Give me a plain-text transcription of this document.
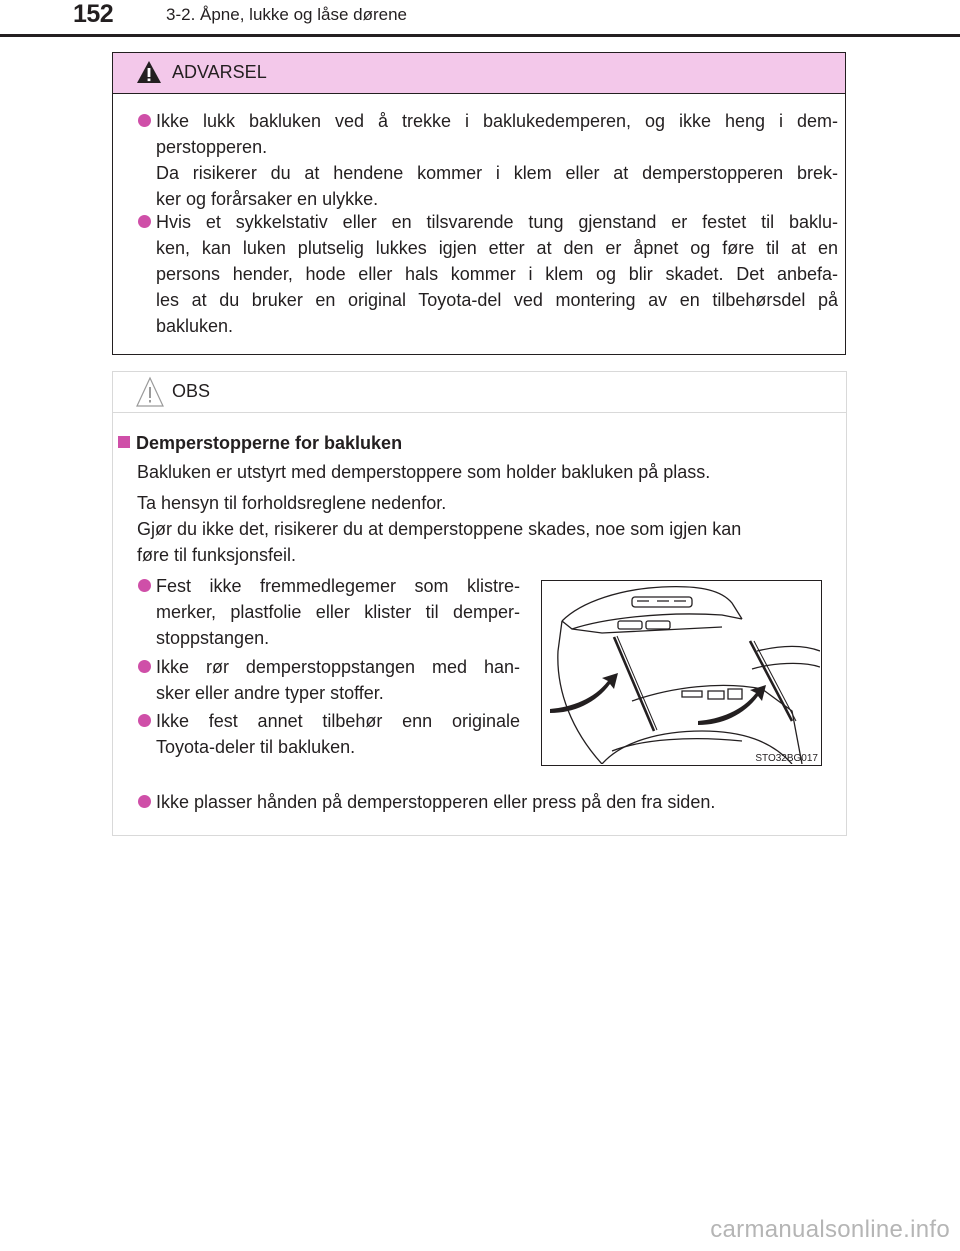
152	3-2. Åpne, lukke og låse dørene
ADVARSEL
Ikke lukk bakluken ved å trekke i baklukedemperen, og ikke heng i dem-
perstopperen.
Da risikerer du at hendene kommer i klem eller at demperstopperen brek-
ker og forårsaker en ulykke.
Hvis et sykkelstativ eller en tilsvarende tung gjenstand er festet til baklu-
ken, kan luken plutselig lukkes igjen etter at den er åpnet og føre til at en
persons hender, hode eller hals kommer i klem og blir skadet. Det anbefa-
les at du bruker en original Toyota-del ved montering av en tilbehørsdel på
bakluken.
OBS
Demperstopperne for bakluken
Bakluken er utstyrt med demperstoppere som holder bakluken på plass.
Ta hensyn til forholdsreglene nedenfor.
Gjør du ikke det, risikerer du at demperstoppene skades, noe som igjen kan
føre til funksjonsfeil.
Fest ikke fremmedlegemer som klistre-
merker, plastfolie eller klister til demper-
stoppstangen.
Ikke rør demperstoppstangen med han-
sker eller andre typer stoffer.
Ikke fest annet tilbehør enn originale
Toyota-deler til bakluken.
Ikke plasser hånden på demperstopperen eller press på den fra siden.
STO32BG017
carmanualsonline.info
